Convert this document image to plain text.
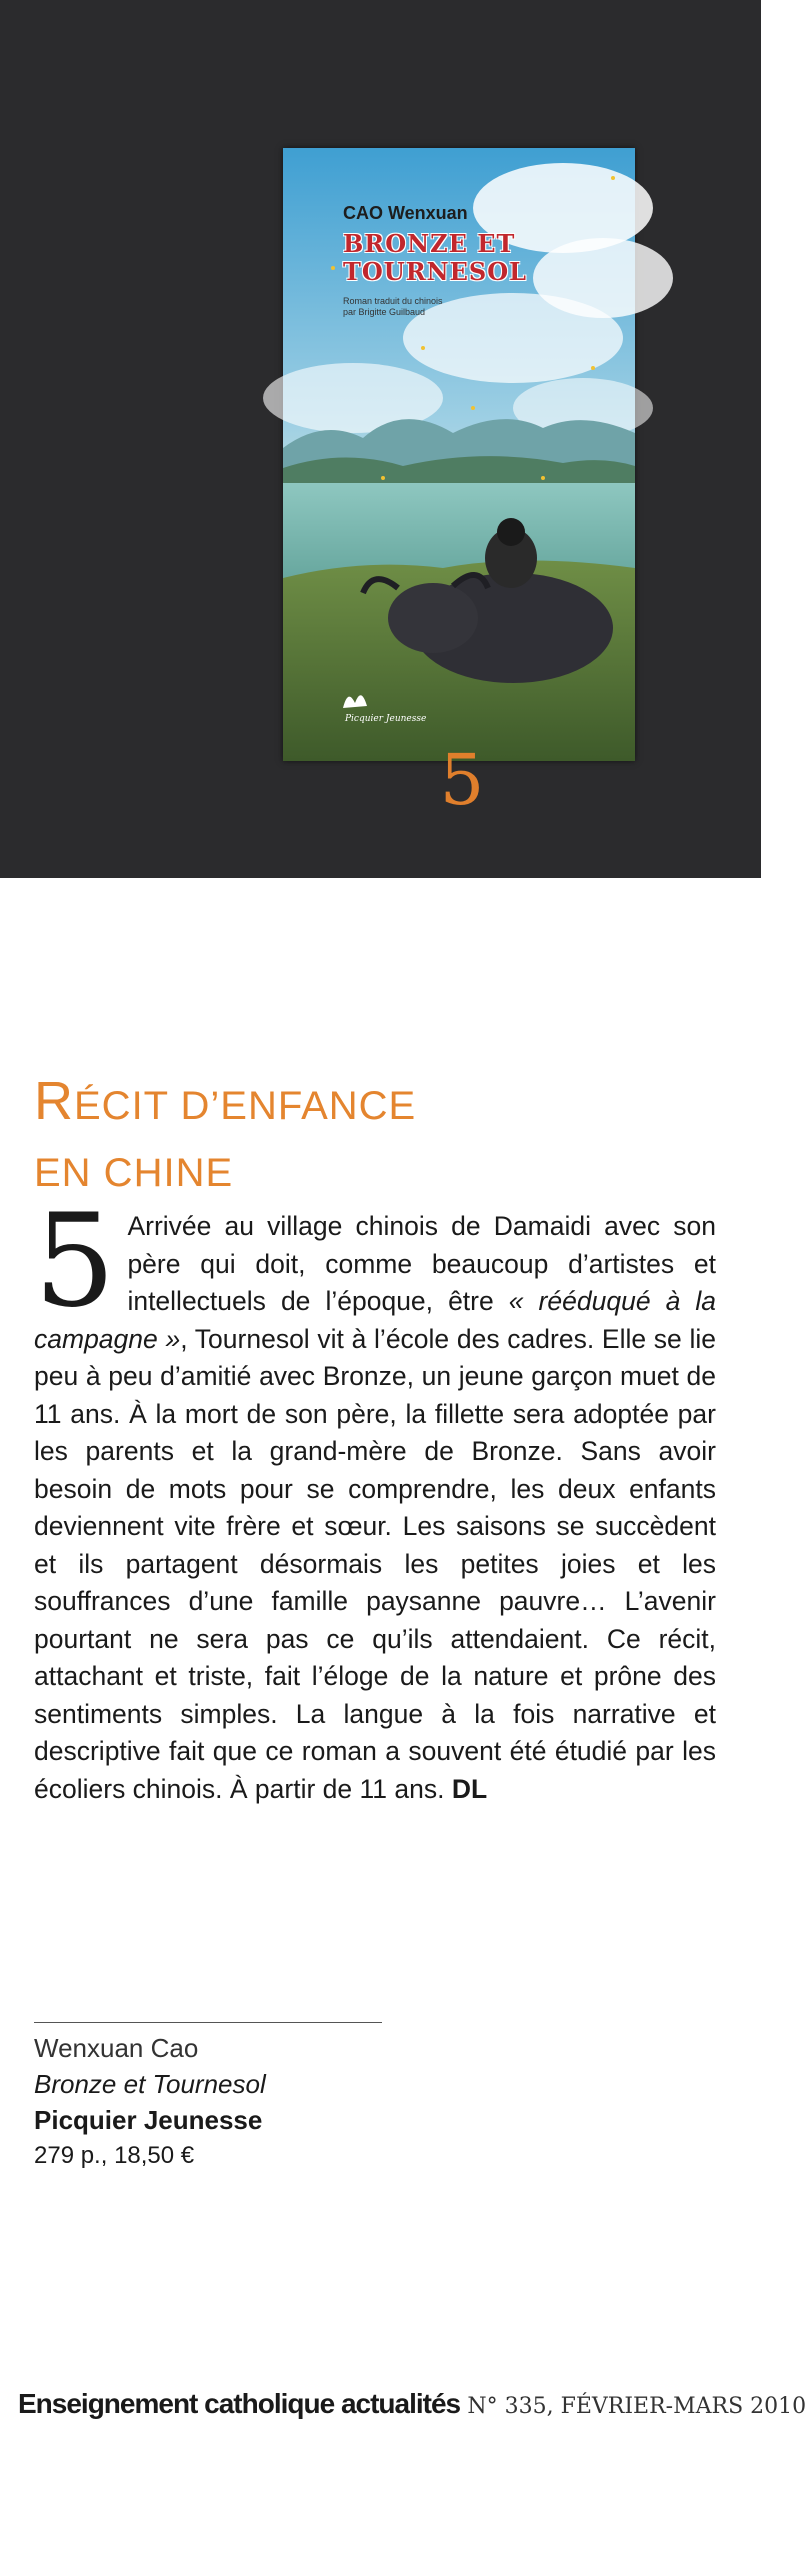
CAO Wenxuan
BRONZE ET
TOURNESOL
Roman traduit du chinois
par Brigitte Guilbaud
Picquier Jeunesse
5
RÉCIT D’ENFANCE
EN CHINE
5 Arrivée au village chinois de Damaidi avec son père qui doit, comme beaucoup d’artistes et intellectuels de l’époque, être « rééduqué à la campagne », Tournesol vit à l’école des cadres. Elle se lie peu à peu d’amitié avec Bronze, un jeune garçon muet de 11 ans. À la mort de son père, la fillette sera adoptée par les parents et la grand-mère de Bronze. Sans avoir besoin de mots pour se comprendre, les deux enfants deviennent vite frère et sœur. Les saisons se succèdent et ils partagent désormais les petites joies et les souffrances d’une famille paysanne pauvre… L’avenir pourtant ne sera pas ce qu’ils attendaient. Ce récit, attachant et triste, fait l’éloge de la nature et prône des sentiments simples. La langue à la fois narrative et descriptive fait que ce roman a souvent été étudié par les écoliers chinois. À partir de 11 ans. DL
Wenxuan Cao
Bronze et Tournesol
Picquier Jeunesse
279 p., 18,50 €
Enseignement catholique actualités N° 335, FÉVRIER-MARS 2010
